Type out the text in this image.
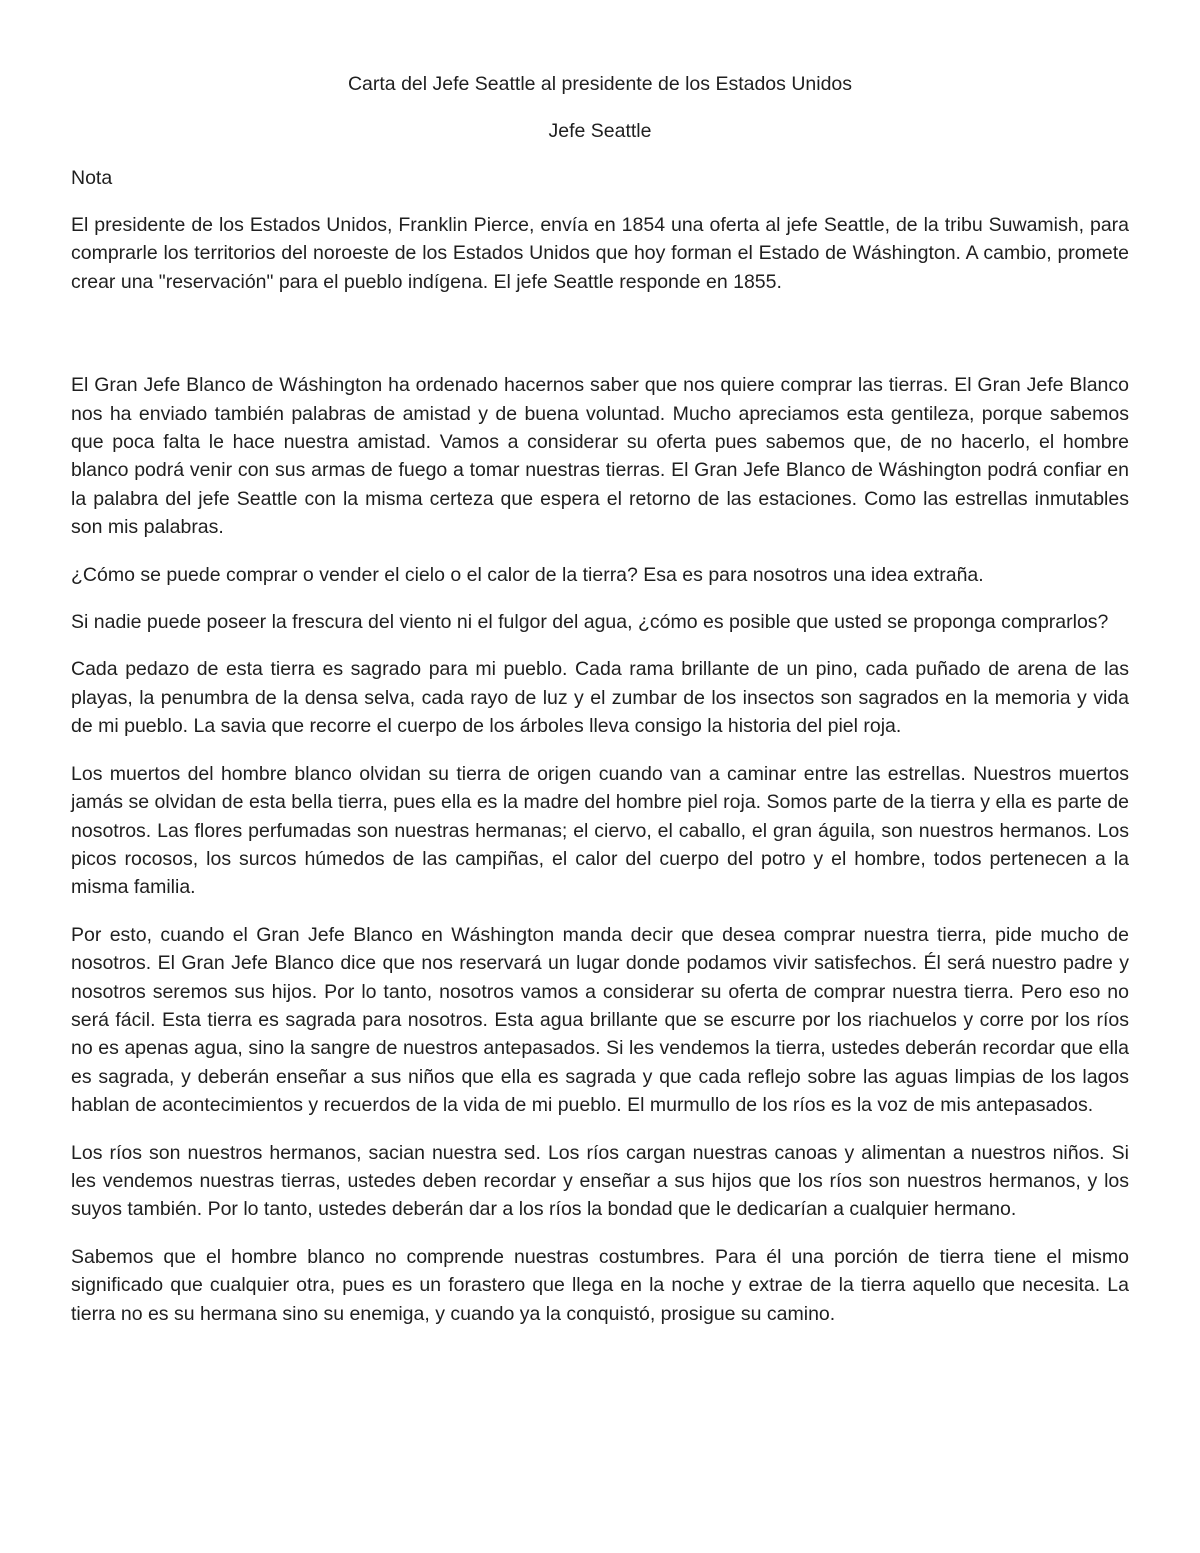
Carta del Jefe Seattle al presidente de los Estados Unidos
Jefe Seattle
Nota

El presidente de los Estados Unidos, Franklin Pierce, envía en 1854 una oferta al jefe Seattle, de la tribu Suwamish, para comprarle los territorios del noroeste de los Estados Unidos que hoy forman el Estado de Wáshington. A cambio, promete crear una "reservación" para el pueblo indígena. El jefe Seattle responde en 1855.

El Gran Jefe Blanco de Wáshington ha ordenado hacernos saber que nos quiere comprar las tierras. El Gran Jefe Blanco nos ha enviado también palabras de amistad y de buena voluntad. Mucho apreciamos esta gentileza, porque sabemos que poca falta le hace nuestra amistad. Vamos a considerar su oferta pues sabemos que, de no hacerlo, el hombre blanco podrá venir con sus armas de fuego a tomar nuestras tierras. El Gran Jefe Blanco de Wáshington podrá confiar en la palabra del jefe Seattle con la misma certeza que espera el retorno de las estaciones. Como las estrellas inmutables son mis palabras.

¿Cómo se puede comprar o vender el cielo o el calor de la tierra? Esa es para nosotros una idea extraña.

Si nadie puede poseer la frescura del viento ni el fulgor del agua, ¿cómo es posible que usted se proponga comprarlos?

Cada pedazo de esta tierra es sagrado para mi pueblo. Cada rama brillante de un pino, cada puñado de arena de las playas, la penumbra de la densa selva, cada rayo de luz y el zumbar de los insectos son sagrados en la memoria y vida de mi pueblo. La savia que recorre el cuerpo de los árboles lleva consigo la historia del piel roja.

Los muertos del hombre blanco olvidan su tierra de origen cuando van a caminar entre las estrellas. Nuestros muertos jamás se olvidan de esta bella tierra, pues ella es la madre del hombre piel roja. Somos parte de la tierra y ella es parte de nosotros. Las flores perfumadas son nuestras hermanas; el ciervo, el caballo, el gran águila, son nuestros hermanos. Los picos rocosos, los surcos húmedos de las campiñas, el calor del cuerpo del potro y el hombre, todos pertenecen a la misma familia.

Por esto, cuando el Gran Jefe Blanco en Wáshington manda decir que desea comprar nuestra tierra, pide mucho de nosotros. El Gran Jefe Blanco dice que nos reservará un lugar donde podamos vivir satisfechos. Él será nuestro padre y nosotros seremos sus hijos. Por lo tanto, nosotros vamos a considerar su oferta de comprar nuestra tierra. Pero eso no será fácil. Esta tierra es sagrada para nosotros. Esta agua brillante que se escurre por los riachuelos y corre por los ríos no es apenas agua, sino la sangre de nuestros antepasados. Si les vendemos la tierra, ustedes deberán recordar que ella es sagrada, y deberán enseñar a sus niños que ella es sagrada y que cada reflejo sobre las aguas limpias de los lagos hablan de acontecimientos y recuerdos de la vida de mi pueblo. El murmullo de los ríos es la voz de mis antepasados.

Los ríos son nuestros hermanos, sacian nuestra sed. Los ríos cargan nuestras canoas y alimentan a nuestros niños. Si les vendemos nuestras tierras, ustedes deben recordar y enseñar a sus hijos que los ríos son nuestros hermanos, y los suyos también. Por lo tanto, ustedes deberán dar a los ríos la bondad que le dedicarían a cualquier hermano.

Sabemos que el hombre blanco no comprende nuestras costumbres. Para él una porción de tierra tiene el mismo significado que cualquier otra, pues es un forastero que llega en la noche y extrae de la tierra aquello que necesita. La tierra no es su hermana sino su enemiga, y cuando ya la conquistó, prosigue su camino.
